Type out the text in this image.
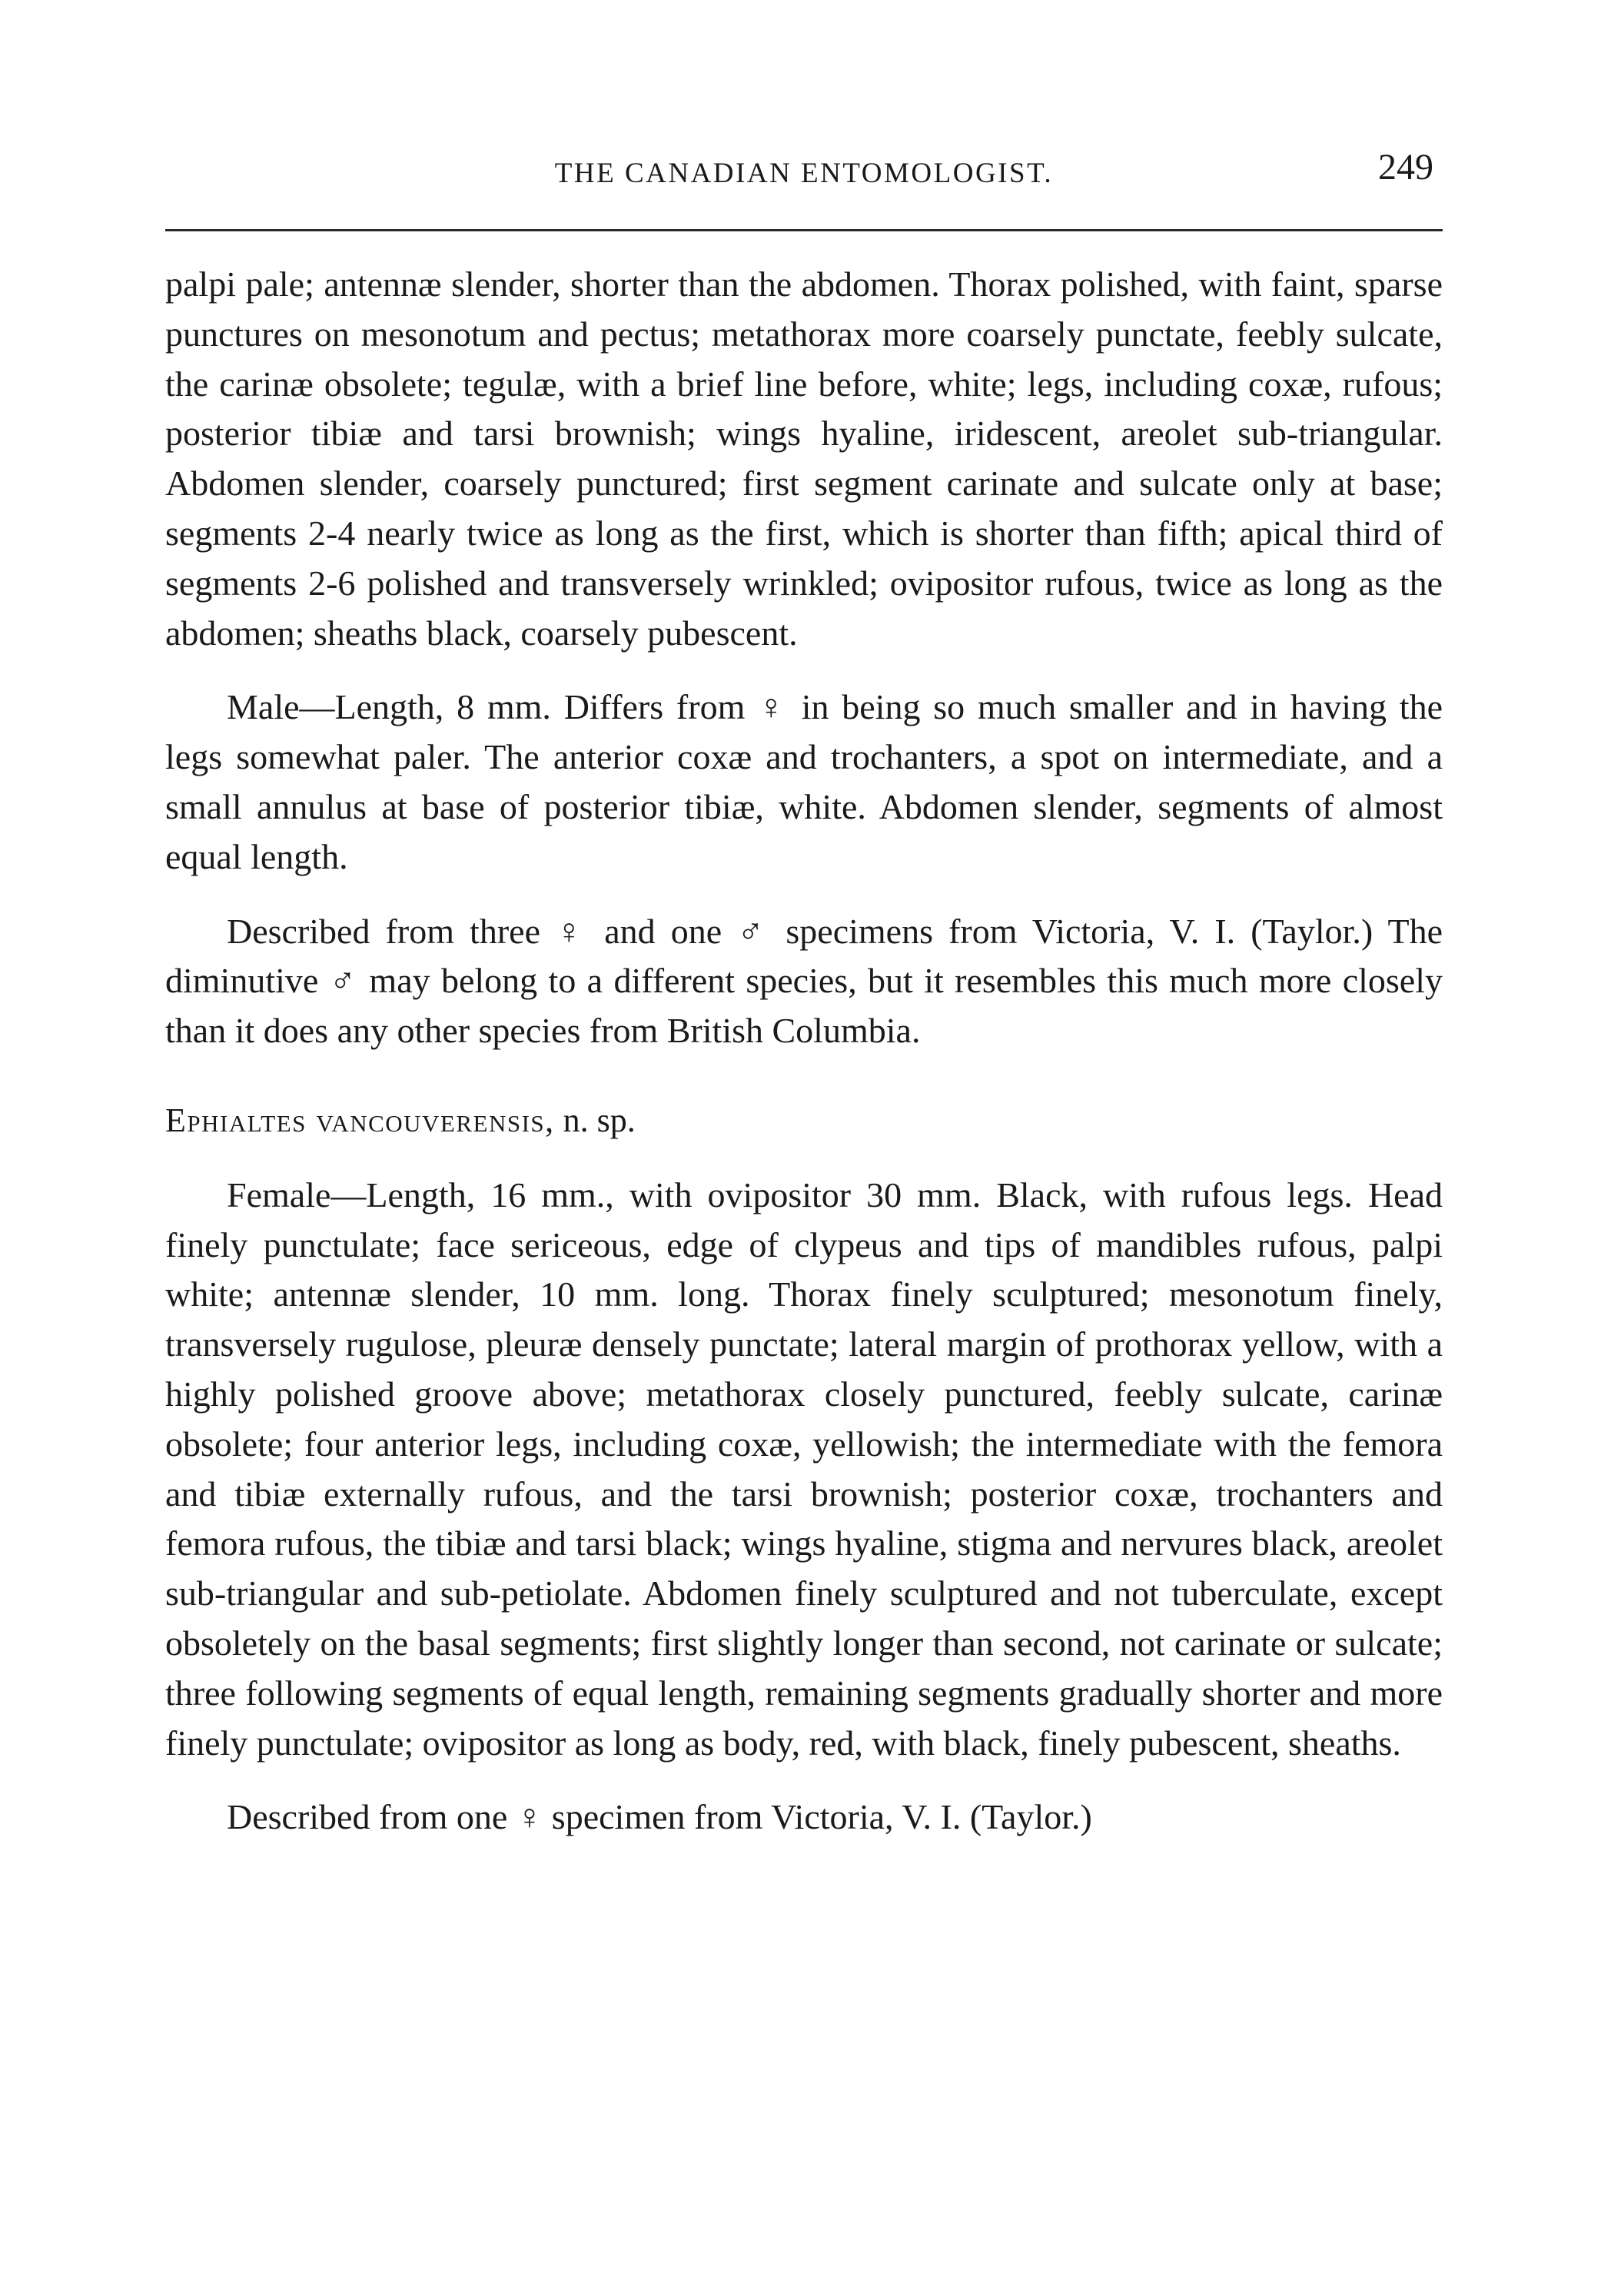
THE CANADIAN ENTOMOLOGIST.	249

palpi pale; antennæ slender, shorter than the abdomen. Thorax polished, with faint, sparse punctures on mesonotum and pectus; metathorax more coarsely punctate, feebly sulcate, the carinæ obsolete; tegulæ, with a brief line before, white; legs, including coxæ, rufous; posterior tibiæ and tarsi brownish; wings hyaline, iridescent, areolet sub-triangular. Abdomen slender, coarsely punctured; first segment carinate and sulcate only at base; segments 2-4 nearly twice as long as the first, which is shorter than fifth; apical third of segments 2-6 polished and transversely wrinkled; ovipositor rufous, twice as long as the abdomen; sheaths black, coarsely pubescent.

Male—Length, 8 mm. Differs from ♀ in being so much smaller and in having the legs somewhat paler. The anterior coxæ and trochanters, a spot on intermediate, and a small annulus at base of posterior tibiæ, white. Abdomen slender, segments of almost equal length.

Described from three ♀ and one ♂ specimens from Victoria, V. I. (Taylor.) The diminutive ♂ may belong to a different species, but it resembles this much more closely than it does any other species from British Columbia.

Ephialtes vancouverensis, n. sp.

Female—Length, 16 mm., with ovipositor 30 mm. Black, with rufous legs. Head finely punctulate; face sericeous, edge of clypeus and tips of mandibles rufous, palpi white; antennæ slender, 10 mm. long. Thorax finely sculptured; mesonotum finely, transversely rugulose, pleuræ densely punctate; lateral margin of prothorax yellow, with a highly polished groove above; metathorax closely punctured, feebly sulcate, carinæ obsolete; four anterior legs, including coxæ, yellowish; the intermediate with the femora and tibiæ externally rufous, and the tarsi brownish; posterior coxæ, trochanters and femora rufous, the tibiæ and tarsi black; wings hyaline, stigma and nervures black, areolet sub-triangular and sub-petiolate. Abdomen finely sculptured and not tuberculate, except obsoletely on the basal segments; first slightly longer than second, not carinate or sulcate; three following segments of equal length, remaining segments gradually shorter and more finely punctulate; ovipositor as long as body, red, with black, finely pubescent, sheaths.

Described from one ♀ specimen from Victoria, V. I. (Taylor.)
